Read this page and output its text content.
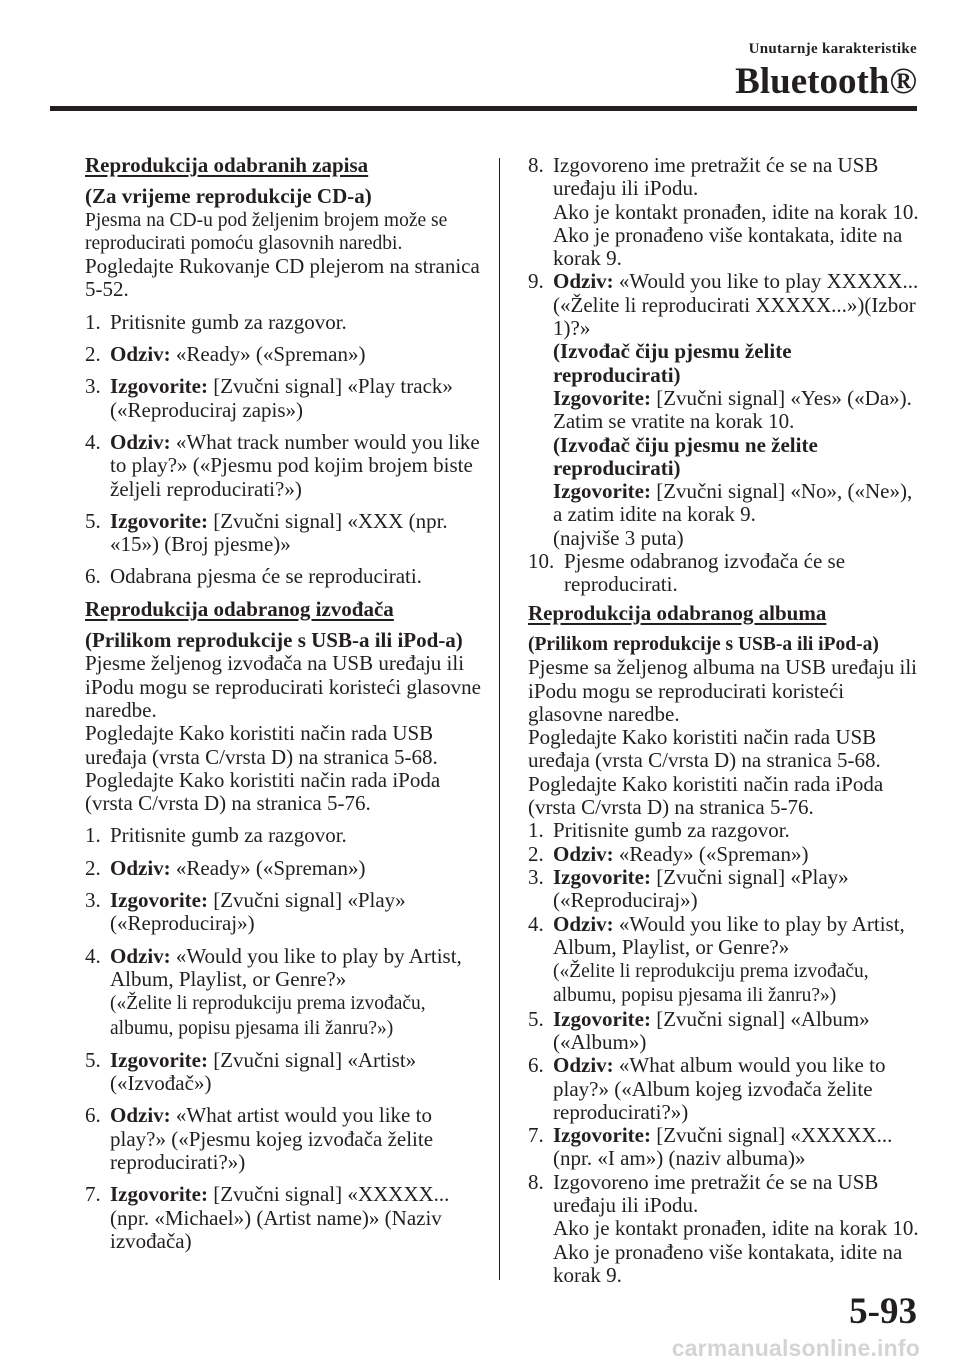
Unutarnje karakteristike
Bluetooth®

Reprodukcija odabranih zapisa

(Za vrijeme reprodukcije CD-a)

Pjesma na CD-u pod željenim brojem može se reproducirati pomoću glasovnih naredbi.

Pogledajte Rukovanje CD plejerom na stranica 5-52.

1. Pritisnite gumb za razgovor.
2. Odziv: «Ready» («Spreman»)
3. Izgovorite: [Zvučni signal] «Play track» («Reproduciraj zapis»)
4. Odziv: «What track number would you like to play?» («Pjesmu pod kojim brojem biste željeli reproducirati?»)
5. Izgovorite: [Zvučni signal] «XXX (npr. «15») (Broj pjesme)»
6. Odabrana pjesma će se reproducirati.

Reprodukcija odabranog izvođača

(Prilikom reprodukcije s USB-a ili iPod-a)

Pjesme željenog izvođača na USB uređaju ili iPodu mogu se reproducirati koristeći glasovne naredbe.

Pogledajte Kako koristiti način rada USB uređaja (vrsta C/vrsta D) na stranica 5-68.

Pogledajte Kako koristiti način rada iPoda (vrsta C/vrsta D) na stranica 5-76.

1. Pritisnite gumb za razgovor.
2. Odziv: «Ready» («Spreman»)
3. Izgovorite: [Zvučni signal] «Play» («Reproduciraj»)
4. Odziv: «Would you like to play by Artist, Album, Playlist, or Genre?»
(«Želite li reprodukciju prema izvođaču, albumu, popisu pjesama ili žanru?»)
5. Izgovorite: [Zvučni signal] «Artist» («Izvođač»)
6. Odziv: «What artist would you like to play?» («Pjesmu kojeg izvođača želite reproducirati?»)
7. Izgovorite: [Zvučni signal] «XXXXX... (npr. «Michael») (Artist name)» (Naziv izvođača)
8. Izgovoreno ime pretražit će se na USB uređaju ili iPodu.
Ako je kontakt pronađen, idite na korak 10.
Ako je pronađeno više kontakata, idite na korak 9.
9. Odziv: «Would you like to play XXXXX... («Želite li reproducirati XXXXX...»)(Izbor 1)?»
(Izvođač čiju pjesmu želite reproducirati)
Izgovorite: [Zvučni signal] «Yes» («Da»). Zatim se vratite na korak 10.
(Izvođač čiju pjesmu ne želite reproducirati)
Izgovorite: [Zvučni signal] «No», («Ne»), a zatim idite na korak 9.
(najviše 3 puta)
10. Pjesme odabranog izvođača će se reproducirati.

Reprodukcija odabranog albuma

(Prilikom reprodukcije s USB-a ili iPod-a)

Pjesme sa željenog albuma na USB uređaju ili iPodu mogu se reproducirati koristeći glasovne naredbe.

Pogledajte Kako koristiti način rada USB uređaja (vrsta C/vrsta D) na stranica 5-68.

Pogledajte Kako koristiti način rada iPoda (vrsta C/vrsta D) na stranica 5-76.

1. Pritisnite gumb za razgovor.
2. Odziv: «Ready» («Spreman»)
3. Izgovorite: [Zvučni signal] «Play» («Reproduciraj»)
4. Odziv: «Would you like to play by Artist, Album, Playlist, or Genre?»
(«Želite li reprodukciju prema izvođaču, albumu, popisu pjesama ili žanru?»)
5. Izgovorite: [Zvučni signal] «Album» («Album»)
6. Odziv: «What album would you like to play?» («Album kojeg izvođača želite reproducirati?»)
7. Izgovorite: [Zvučni signal] «XXXXX... (npr. «I am») (naziv albuma)»
8. Izgovoreno ime pretražit će se na USB uređaju ili iPodu.
Ako je kontakt pronađen, idite na korak 10.
Ako je pronađeno više kontakata, idite na korak 9.
5-93
carmanualsonline.info
